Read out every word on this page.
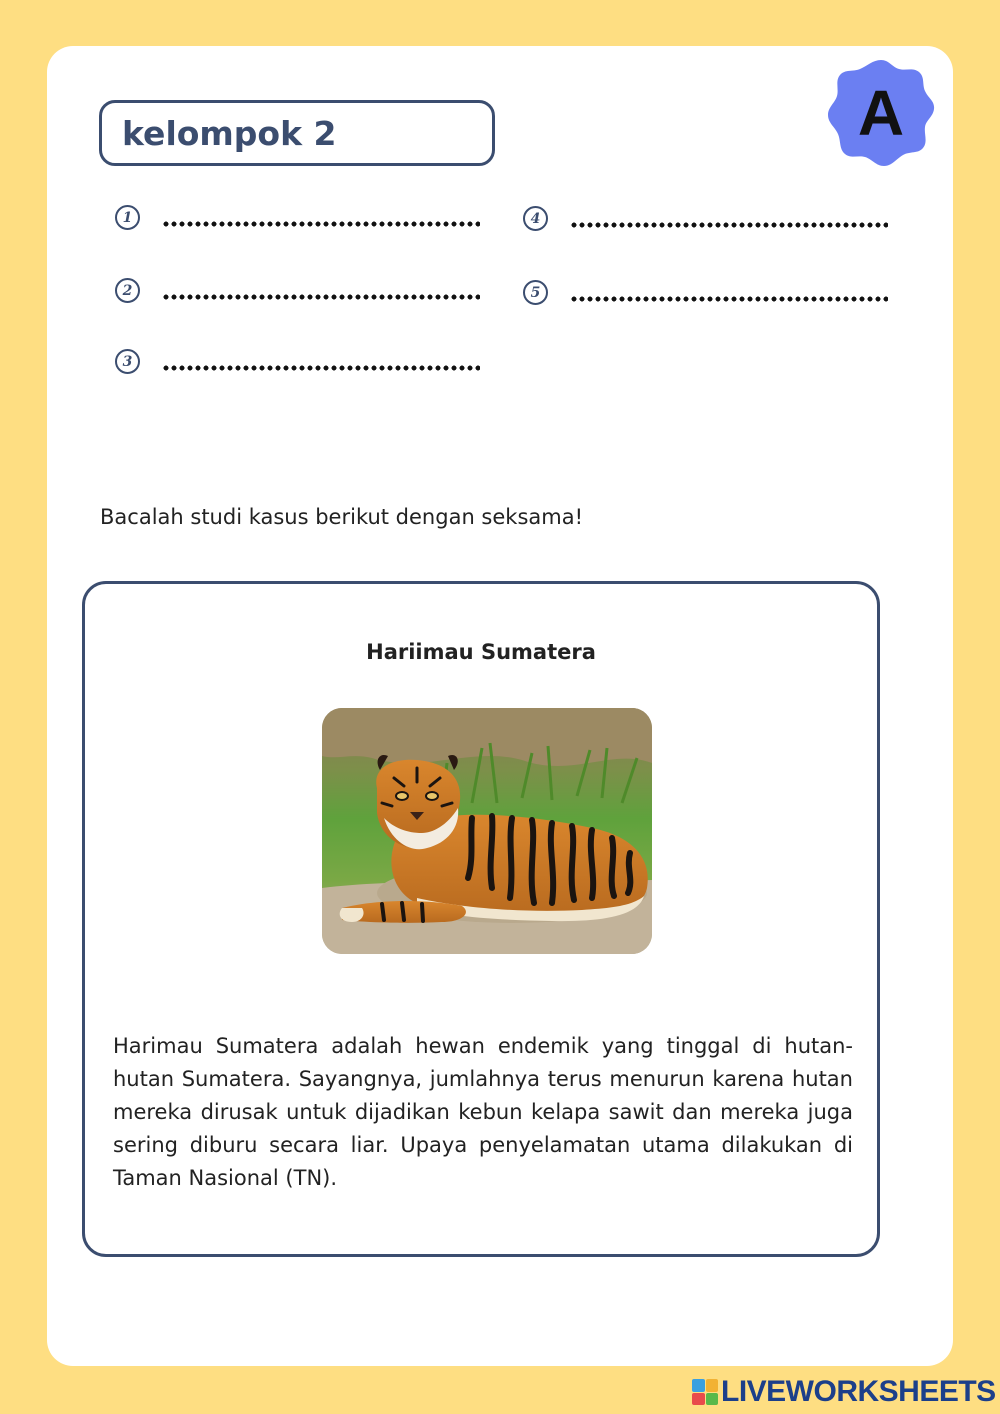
kelompok 2	A
1
2
3
4
5
Bacalah studi kasus berikut dengan seksama!
Hariimau Sumatera

Harimau Sumatera adalah hewan endemik yang tinggal di hutan-hutan Sumatera. Sayangnya, jumlahnya terus menurun karena hutan mereka dirusak untuk dijadikan kebun kelapa sawit dan mereka juga sering diburu secara liar. Upaya penyelamatan utama dilakukan di Taman Nasional (TN).

LIVEWORKSHEETS
